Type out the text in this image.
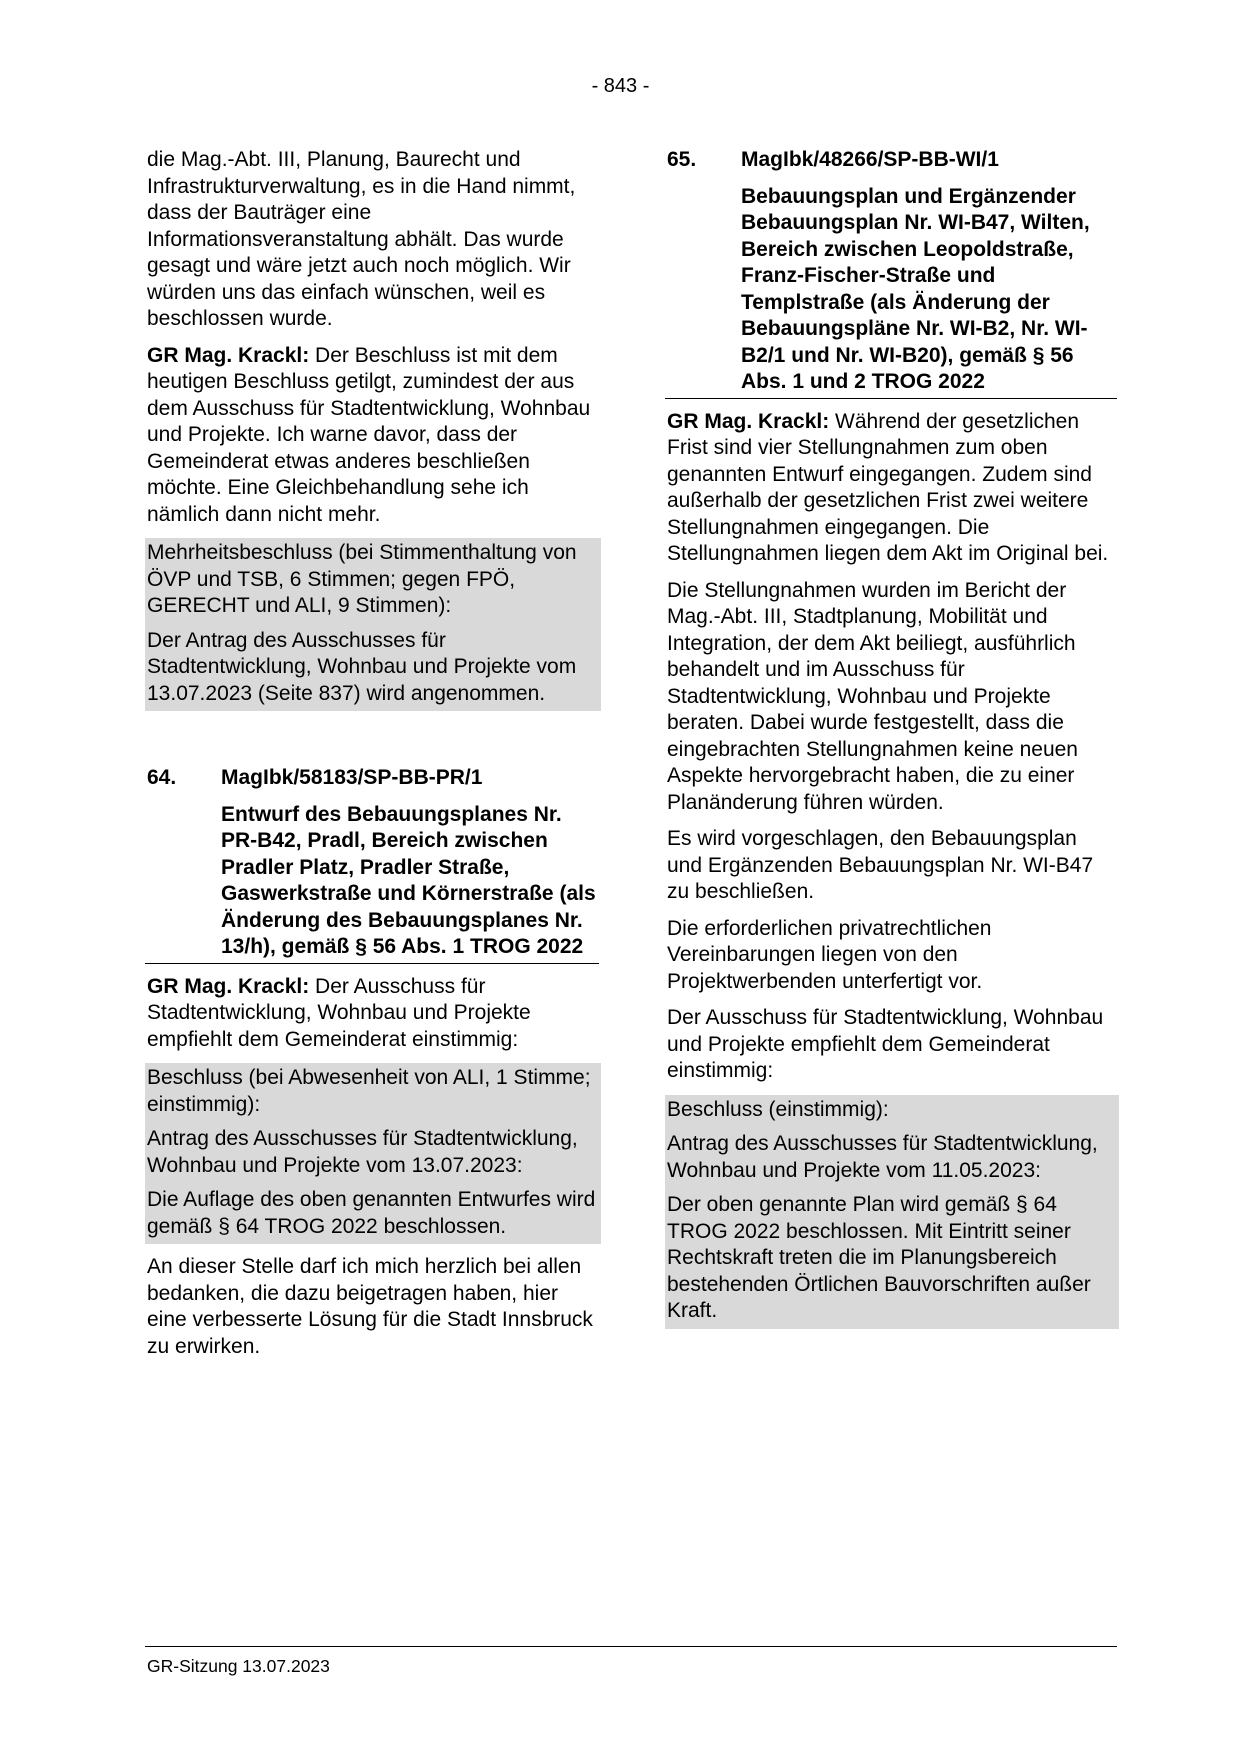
- 843 -

die Mag.-Abt. III, Planung, Baurecht und Infrastrukturverwaltung, es in die Hand nimmt, dass der Bauträger eine Informationsveranstaltung abhält. Das wurde gesagt und wäre jetzt auch noch möglich. Wir würden uns das einfach wünschen, weil es beschlossen wurde.

GR Mag. Krackl: Der Beschluss ist mit dem heutigen Beschluss getilgt, zumindest der aus dem Ausschuss für Stadtentwicklung, Wohnbau und Projekte. Ich warne davor, dass der Gemeinderat etwas anderes beschließen möchte. Eine Gleichbehandlung sehe ich nämlich dann nicht mehr.

Mehrheitsbeschluss (bei Stimmenthaltung von ÖVP und TSB, 6 Stimmen; gegen FPÖ, GERECHT und ALI, 9 Stimmen):

Der Antrag des Ausschusses für Stadtentwicklung, Wohnbau und Projekte vom 13.07.2023 (Seite 837) wird angenommen.

64. MagIbk/58183/SP-BB-PR/1
Entwurf des Bebauungsplanes Nr. PR-B42, Pradl, Bereich zwischen Pradler Platz, Pradler Straße, Gaswerkstraße und Körnerstraße (als Änderung des Bebauungsplanes Nr. 13/h), gemäß § 56 Abs. 1 TROG 2022

GR Mag. Krackl: Der Ausschuss für Stadtentwicklung, Wohnbau und Projekte empfiehlt dem Gemeinderat einstimmig:

Beschluss (bei Abwesenheit von ALI, 1 Stimme; einstimmig):

Antrag des Ausschusses für Stadtentwicklung, Wohnbau und Projekte vom 13.07.2023:

Die Auflage des oben genannten Entwurfes wird gemäß § 64 TROG 2022 beschlossen.

An dieser Stelle darf ich mich herzlich bei allen bedanken, die dazu beigetragen haben, hier eine verbesserte Lösung für die Stadt Innsbruck zu erwirken.

65. MagIbk/48266/SP-BB-WI/1
Bebauungsplan und Ergänzender Bebauungsplan Nr. WI-B47, Wilten, Bereich zwischen Leopoldstraße, Franz-Fischer-Straße und Templstraße (als Änderung der Bebauungspläne Nr. WI-B2, Nr. WI-B2/1 und Nr. WI-B20), gemäß § 56 Abs. 1 und 2 TROG 2022

GR Mag. Krackl: Während der gesetzlichen Frist sind vier Stellungnahmen zum oben genannten Entwurf eingegangen. Zudem sind außerhalb der gesetzlichen Frist zwei weitere Stellungnahmen eingegangen. Die Stellungnahmen liegen dem Akt im Original bei.

Die Stellungnahmen wurden im Bericht der Mag.-Abt. III, Stadtplanung, Mobilität und Integration, der dem Akt beiliegt, ausführlich behandelt und im Ausschuss für Stadtentwicklung, Wohnbau und Projekte beraten. Dabei wurde festgestellt, dass die eingebrachten Stellungnahmen keine neuen Aspekte hervorgebracht haben, die zu einer Planänderung führen würden.

Es wird vorgeschlagen, den Bebauungsplan und Ergänzenden Bebauungsplan Nr. WI-B47 zu beschließen.

Die erforderlichen privatrechtlichen Vereinbarungen liegen von den Projektwerbenden unterfertigt vor.

Der Ausschuss für Stadtentwicklung, Wohnbau und Projekte empfiehlt dem Gemeinderat einstimmig:

Beschluss (einstimmig):

Antrag des Ausschusses für Stadtentwicklung, Wohnbau und Projekte vom 11.05.2023:

Der oben genannte Plan wird gemäß § 64 TROG 2022 beschlossen. Mit Eintritt seiner Rechtskraft treten die im Planungsbereich bestehenden Örtlichen Bauvorschriften außer Kraft.

GR-Sitzung 13.07.2023
